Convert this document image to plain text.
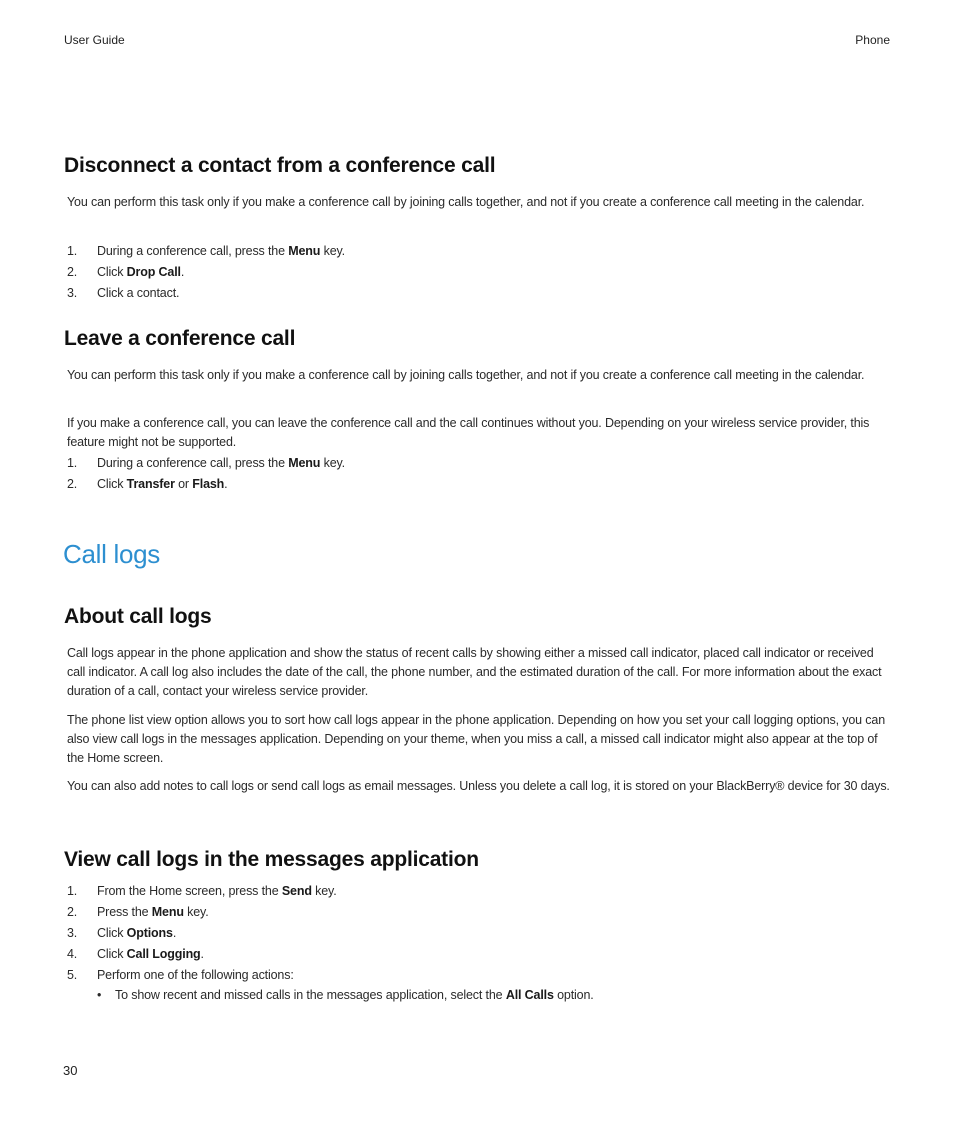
User Guide	Phone
Disconnect a contact from a conference call

You can perform this task only if you make a conference call by joining calls together, and not if you create a conference call meeting in the calendar.

1.	During a conference call, press the Menu key.
2.	Click Drop Call.
3.	Click a contact.
Leave a conference call

You can perform this task only if you make a conference call by joining calls together, and not if you create a conference call meeting in the calendar.

If you make a conference call, you can leave the conference call and the call continues without you. Depending on your wireless service provider, this feature might not be supported.

1.	During a conference call, press the Menu key.
2.	Click Transfer or Flash.
Call logs
About call logs

Call logs appear in the phone application and show the status of recent calls by showing either a missed call indicator, placed call indicator or received call indicator. A call log also includes the date of the call, the phone number, and the estimated duration of the call. For more information about the exact duration of a call, contact your wireless service provider.

The phone list view option allows you to sort how call logs appear in the phone application. Depending on how you set your call logging options, you can also view call logs in the messages application. Depending on your theme, when you miss a call, a missed call indicator might also appear at the top of the Home screen.

You can also add notes to call logs or send call logs as email messages. Unless you delete a call log, it is stored on your BlackBerry® device for 30 days.

View call logs in the messages application
1.	From the Home screen, press the Send key.
2.	Press the Menu key.
3.	Click Options.
4.	Click Call Logging.
5.	Perform one of the following actions:
• To show recent and missed calls in the messages application, select the All Calls option.
30
